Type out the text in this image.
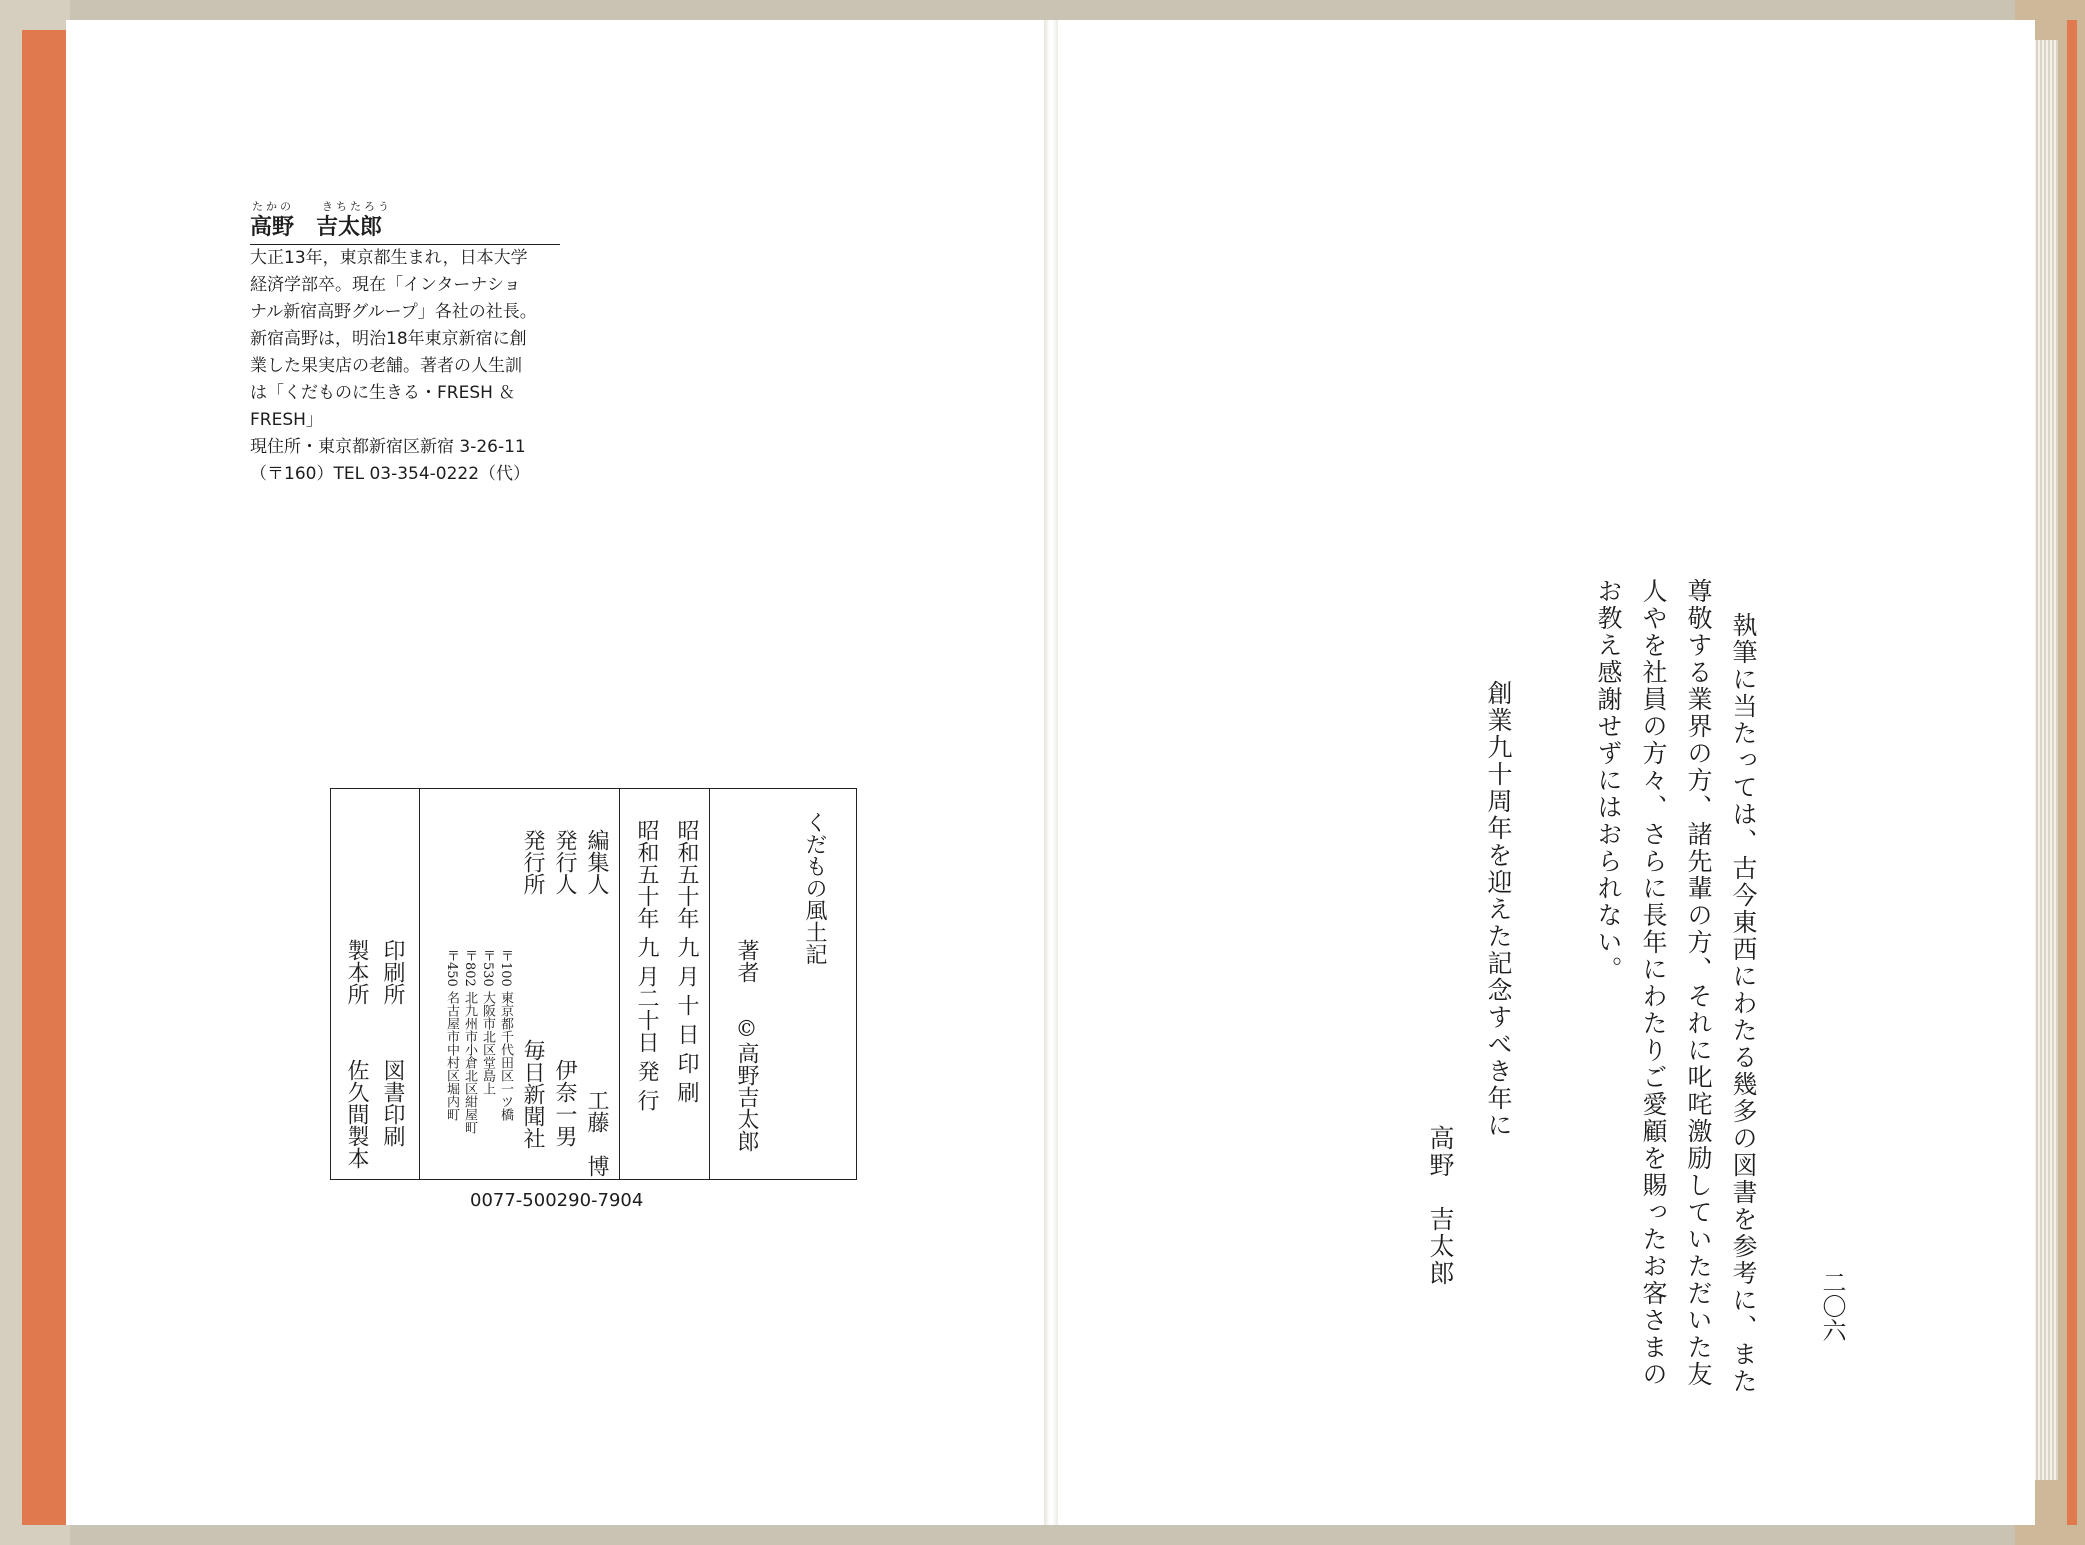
たかの　　きちたろう
高野　吉太郎
大正13年，東京都生まれ，日本大学
経済学部卒。現在「インターナショ
ナル新宿高野グループ」各社の社長。
新宿高野は，明治18年東京新宿に創
業した果実店の老舗。著者の人生訓
は「くだものに生きる・FRESH ＆
FRESH」
現住所・東京都新宿区新宿 3-26-11
（〒160）TEL 03-354-0222（代）
くだもの風土記
著者
©高野吉太郎
昭和五十年 九 月 十 日 印 刷
昭和五十年 九 月二十日 発 行
編集人
工藤　博
発行人
伊奈一男
発行所
毎日新聞社
〒100 東京都千代田区一ツ橋
〒530 大阪市北区堂島上
〒802 北九州市小倉北区紺屋町
〒450 名古屋市中村区堀内町
印刷所
図書印刷
製本所
佐久間製本
0077-500290-7904	執筆に当たっては、古今東西にわたる幾多の図書を参考に、また
尊敬する業界の方、諸先輩の方、それに叱咤激励していただいた友
人やを社員の方々、さらに長年にわたりご愛顧を賜ったお客さまの
お教え感謝せずにはおられない。
創業九十周年を迎えた記念すべき年に
高野　吉太郎
二〇六
